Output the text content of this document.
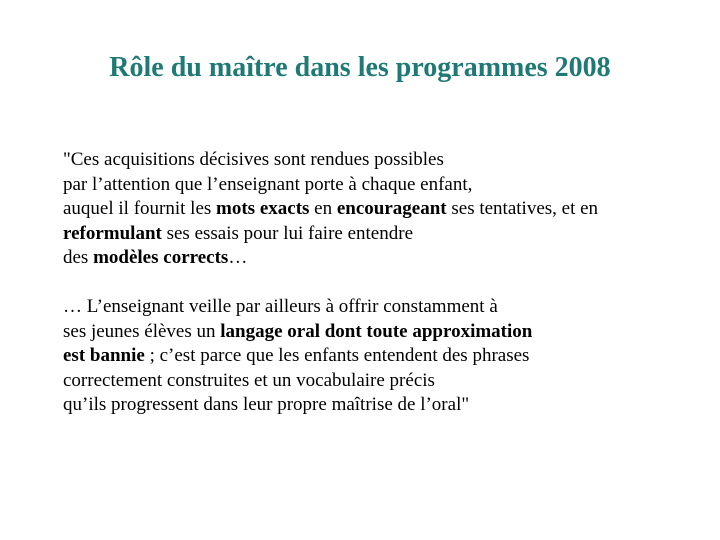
Rôle du maître dans les programmes 2008

"Ces acquisitions décisives sont rendues possibles
par l’attention que l’enseignant porte à chaque enfant,
auquel il fournit les mots exacts en encourageant ses tentatives, et en
reformulant ses essais pour lui faire entendre
des modèles corrects…

… L’enseignant veille par ailleurs à offrir constamment à
ses jeunes élèves un langage oral dont toute approximation
est bannie ; c’est parce que les enfants entendent des phrases
correctement construites et un vocabulaire précis
qu’ils progressent dans leur propre maîtrise de l’oral"
